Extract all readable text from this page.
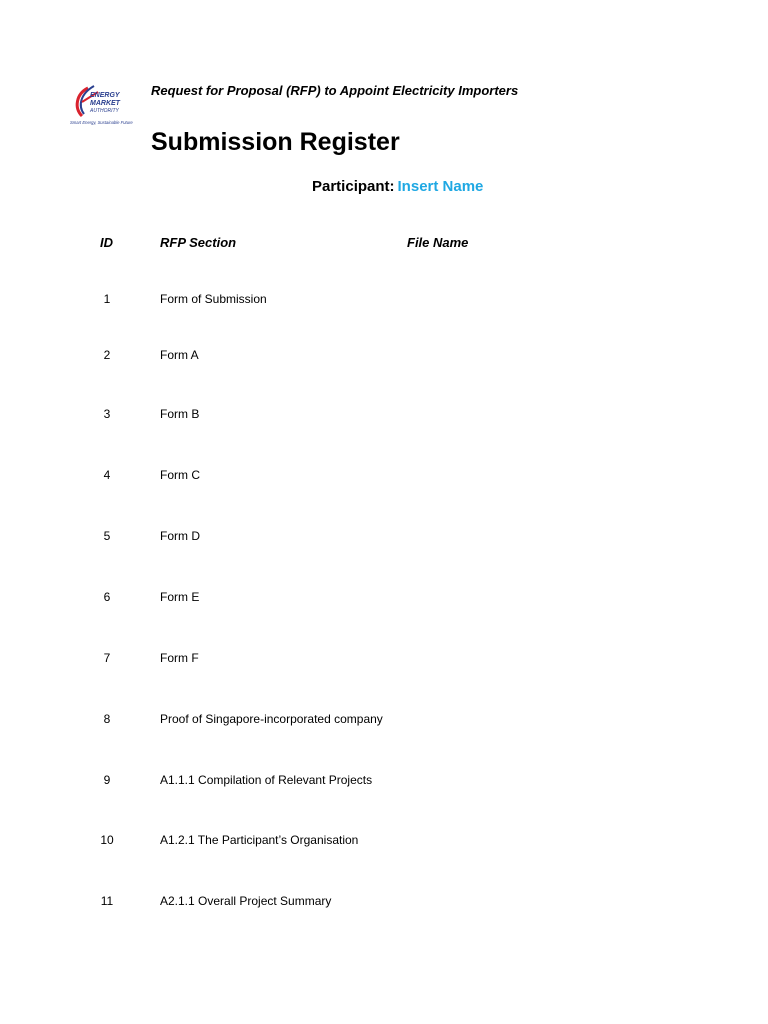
ENERGY
MARKET
AUTHORITY
Smart Energy, Sustainable Future
Request for Proposal (RFP) to Appoint Electricity Importers
Submission Register
Participant: Insert Name
ID	RFP Section	File Name
1	Form of Submission
2	Form A
3	Form B
4	Form C
5	Form D
6	Form E
7	Form F
8	Proof of Singapore-incorporated company
9	A1.1.1 Compilation of Relevant Projects
10	A1.2.1 The Participant’s Organisation
11	A2.1.1 Overall Project Summary
